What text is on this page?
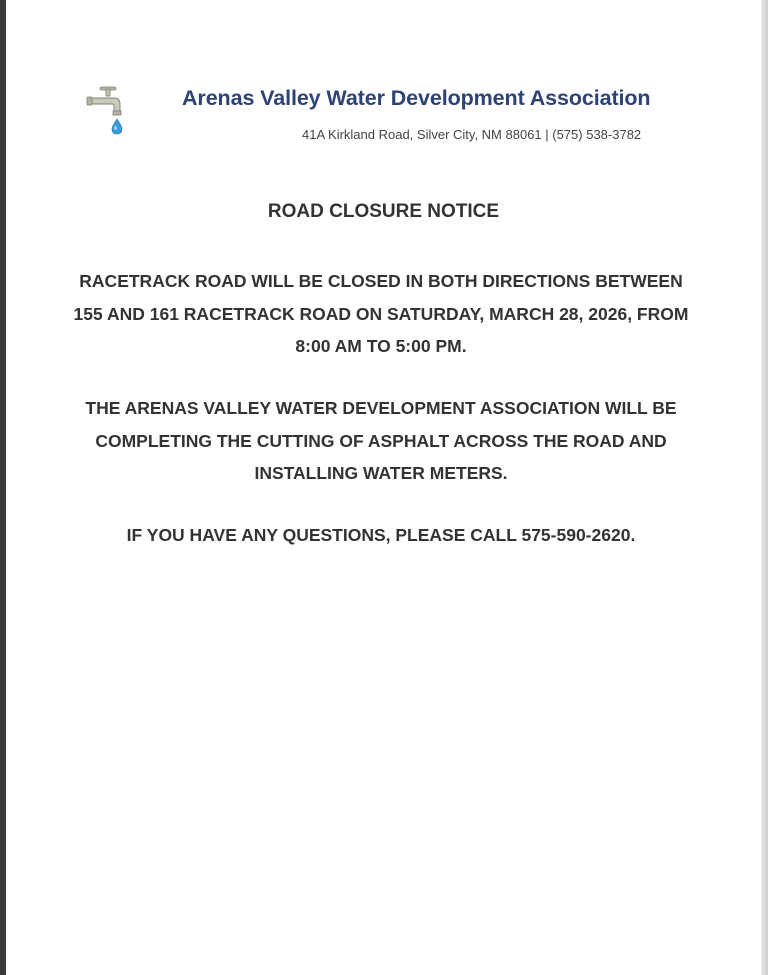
Arenas Valley Water Development Association
41A Kirkland Road, Silver City, NM 88061 | (575) 538-3782
ROAD CLOSURE NOTICE
RACETRACK ROAD WILL BE CLOSED IN BOTH DIRECTIONS BETWEEN 155 AND 161 RACETRACK ROAD ON SATURDAY, MARCH 28, 2026, FROM 8:00 AM TO 5:00 PM.
THE ARENAS VALLEY WATER DEVELOPMENT ASSOCIATION WILL BE COMPLETING THE CUTTING OF ASPHALT ACROSS THE ROAD AND INSTALLING WATER METERS.
IF YOU HAVE ANY QUESTIONS, PLEASE CALL 575-590-2620.
